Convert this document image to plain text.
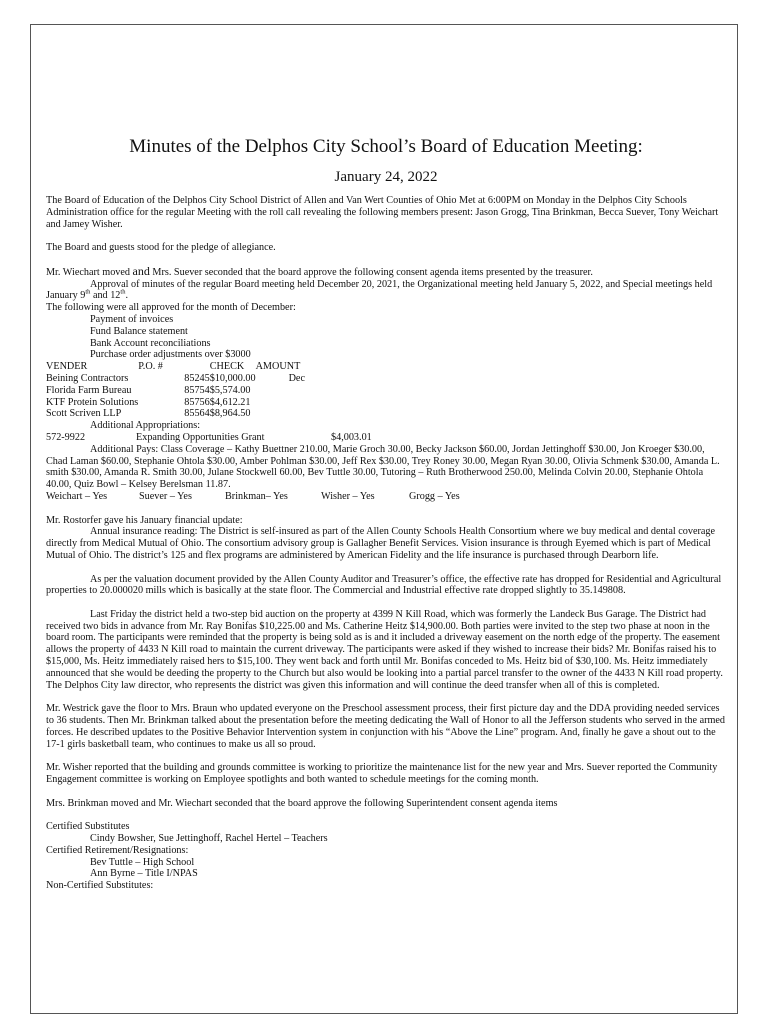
Minutes of the Delphos City School’s Board of Education Meeting:
January 24, 2022

The Board of Education of the Delphos City School District of Allen and Van Wert Counties of Ohio Met at 6:00PM on Monday in the Delphos City Schools Administration office for the regular Meeting with the roll call revealing the following members present: Jason Grogg, Tina Brinkman, Becca Suever, Tony Weichart and Jamey Wisher.

The Board and guests stood for the pledge of allegiance.

Mr. Wiechart moved and Mrs. Suever seconded that the board approve the following consent agenda items presented by the treasurer.
Approval of minutes of the regular Board meeting held December 20, 2021, the Organizational meeting held January 5, 2022, and Special meetings held January 9th and 12th.
The following were all approved for the month of December:
Payment of invoices
Fund Balance statement
Bank Account reconciliations
Purchase order adjustments over $3000
VENDER	P.O. #	CHECK	AMOUNT
Beining Contractors	85245	$10,000.00	Dec
Florida Farm Bureau	85754	$5,574.00	
KTF Protein Solutions	85756	$4,612.21	
Scott Scriven LLP	85564	$8,964.50	
Additional Appropriations:
572-9922	Expanding Opportunities Grant	$4,003.01
Additional Pays: Class Coverage – Kathy Buettner 210.00, Marie Groch 30.00, Becky Jackson $60.00, Jordan Jettinghoff $30.00, Jon Kroeger $30.00, Chad Laman $60.00, Stephanie Ohtola $30.00, Amber Pohlman $30.00, Jeff Rex $30.00, Trey Roney 30.00, Megan Ryan 30.00, Olivia Schmenk $30.00, Amanda L. smith $30.00, Amanda R. Smith 30.00, Julane Stockwell 60.00, Bev Tuttle 30.00, Tutoring – Ruth Brotherwood 250.00, Melinda Colvin 20.00, Stephanie Ohtola 40.00, Quiz Bowl – Kelsey Berelsman 11.87.
Weichart – Yes	Suever – Yes	Brinkman– Yes	Wisher – Yes	Grogg – Yes
Mr. Rostorfer gave his January financial update:

Annual insurance reading: The District is self-insured as part of the Allen County Schools Health Consortium where we buy medical and dental coverage directly from Medical Mutual of Ohio. The consortium advisory group is Gallagher Benefit Services. Vision insurance is through Eyemed which is part of Medical Mutual of Ohio. The district’s 125 and flex programs are administered by American Fidelity and the life insurance is purchased through Dearborn life.

As per the valuation document provided by the Allen County Auditor and Treasurer’s office, the effective rate has dropped for Residential and Agricultural properties to 20.000020 mills which is basically at the state floor. The Commercial and Industrial effective rate dropped slightly to 35.149808.

Last Friday the district held a two-step bid auction on the property at 4399 N Kill Road, which was formerly the Landeck Bus Garage. The District had received two bids in advance from Mr. Ray Bonifas $10,225.00 and Ms. Catherine Heitz $14,900.00. Both parties were invited to the step two phase at noon in the board room. The participants were reminded that the property is being sold as is and it included a driveway easement on the north edge of the property. The easement allows the property of 4433 N Kill road to maintain the current driveway. The participants were asked if they wished to increase their bids? Mr. Bonifas raised his to $15,000, Ms. Heitz immediately raised hers to $15,100. They went back and forth until Mr. Bonifas conceded to Ms. Heitz bid of $30,100. Ms. Heitz immediately announced that she would be deeding the property to the Church but also would be looking into a partial parcel transfer to the owner of the 4433 N Kill road property. The Delphos City law director, who represents the district was given this information and will continue the deed transfer when all of this is completed.

Mr. Westrick gave the floor to Mrs. Braun who updated everyone on the Preschool assessment process, their first picture day and the DDA providing needed services to 36 students. Then Mr. Brinkman talked about the presentation before the meeting dedicating the Wall of Honor to all the Jefferson students who served in the armed forces. He described updates to the Positive Behavior Intervention system in conjunction with his “Above the Line” program. And, finally he gave a shout out to the 17-1 girls basketball team, who continues to make us all so proud.

Mr. Wisher reported that the building and grounds committee is working to prioritize the maintenance list for the new year and Mrs. Suever reported the Community Engagement committee is working on Employee spotlights and both wanted to schedule meetings for the coming month.

Mrs. Brinkman moved and Mr. Wiechart seconded that the board approve the following Superintendent consent agenda items

Certified Substitutes
Cindy Bowsher, Sue Jettinghoff, Rachel Hertel – Teachers
Certified Retirement/Resignations:
Bev Tuttle – High School
Ann Byrne – Title I/NPAS
Non-Certified Substitutes:
